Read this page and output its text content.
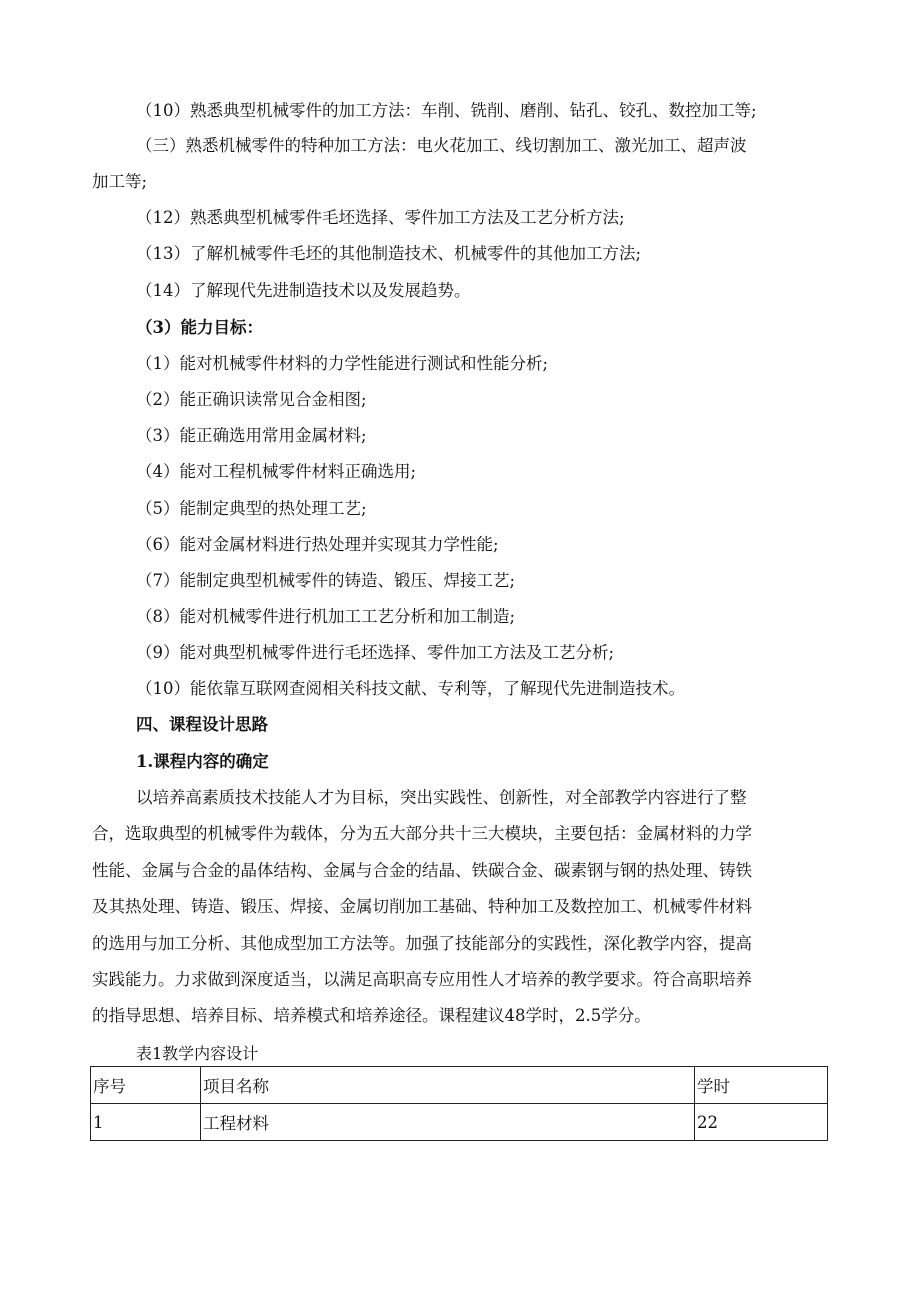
（10）熟悉典型机械零件的加工方法：车削、铣削、磨削、钻孔、铰孔、数控加工等;
（三）熟悉机械零件的特种加工方法：电火花加工、线切割加工、激光加工、超声波
加工等;
（12）熟悉典型机械零件毛坯选择、零件加工方法及工艺分析方法;
（13）了解机械零件毛坯的其他制造技术、机械零件的其他加工方法;
（14）了解现代先进制造技术以及发展趋势。
（3）能力目标：
（1）能对机械零件材料的力学性能进行测试和性能分析;
（2）能正确识读常见合金相图;
（3）能正确选用常用金属材料;
（4）能对工程机械零件材料正确选用;
（5）能制定典型的热处理工艺;
（6）能对金属材料进行热处理并实现其力学性能;
（7）能制定典型机械零件的铸造、锻压、焊接工艺;
（8）能对机械零件进行机加工工艺分析和加工制造;
（9）能对典型机械零件进行毛坯选择、零件加工方法及工艺分析;
（10）能依靠互联网查阅相关科技文献、专利等，了解现代先进制造技术。
四、课程设计思路
1.课程内容的确定
以培养高素质技术技能人才为目标，突出实践性、创新性，对全部教学内容进行了整
合，选取典型的机械零件为载体，分为五大部分共十三大模块，主要包括：金属材料的力学
性能、金属与合金的晶体结构、金属与合金的结晶、铁碳合金、碳素钢与钢的热处理、铸铁
及其热处理、铸造、锻压、焊接、金属切削加工基础、特种加工及数控加工、机械零件材料
的选用与加工分析、其他成型加工方法等。加强了技能部分的实践性，深化教学内容，提高
实践能力。力求做到深度适当，以满足高职高专应用性人才培养的教学要求。符合高职培养
的指导思想、培养目标、培养模式和培养途径。课程建议48学时，2.5学分。
表1教学内容设计
序号	项目名称	学时
1	工程材料	22
